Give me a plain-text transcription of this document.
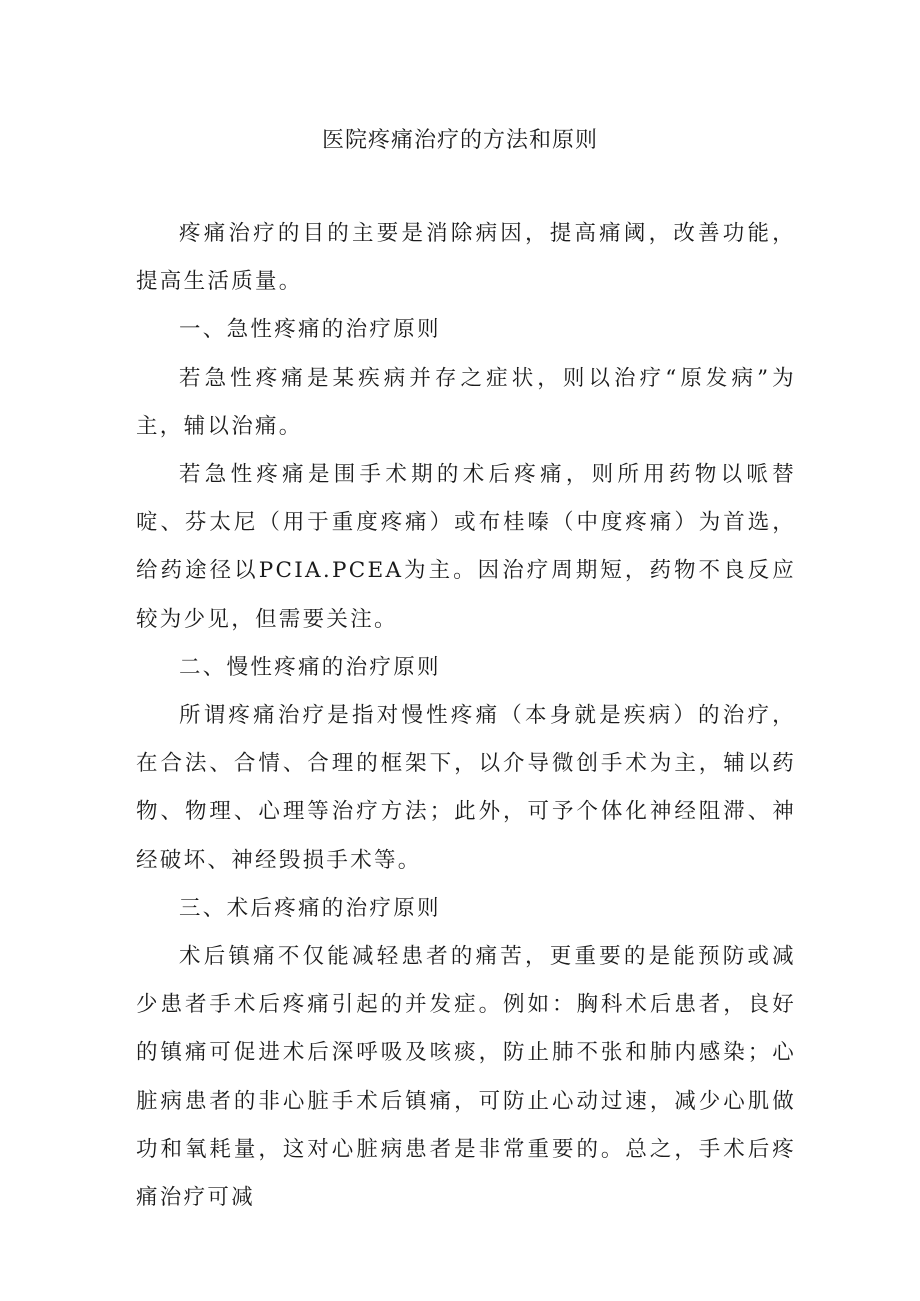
医院疼痛治疗的方法和原则

疼痛治疗的目的主要是消除病因，提高痛阈，改善功能，提高生活质量。

一、急性疼痛的治疗原则

若急性疼痛是某疾病并存之症状，则以治疗“原发病”为主，辅以治痛。

若急性疼痛是围手术期的术后疼痛，则所用药物以哌替啶、芬太尼（用于重度疼痛）或布桂嗪（中度疼痛）为首选，给药途径以PCIA.PCEA为主。因治疗周期短，药物不良反应较为少见，但需要关注。

二、慢性疼痛的治疗原则

所谓疼痛治疗是指对慢性疼痛（本身就是疾病）的治疗，在合法、合情、合理的框架下，以介导微创手术为主，辅以药物、物理、心理等治疗方法；此外，可予个体化神经阻滞、神经破坏、神经毁损手术等。

三、术后疼痛的治疗原则

术后镇痛不仅能减轻患者的痛苦，更重要的是能预防或减少患者手术后疼痛引起的并发症。例如：胸科术后患者，良好的镇痛可促进术后深呼吸及咳痰，防止肺不张和肺内感染；心脏病患者的非心脏手术后镇痛，可防止心动过速，减少心肌做功和氧耗量，这对心脏病患者是非常重要的。总之，手术后疼痛治疗可减
